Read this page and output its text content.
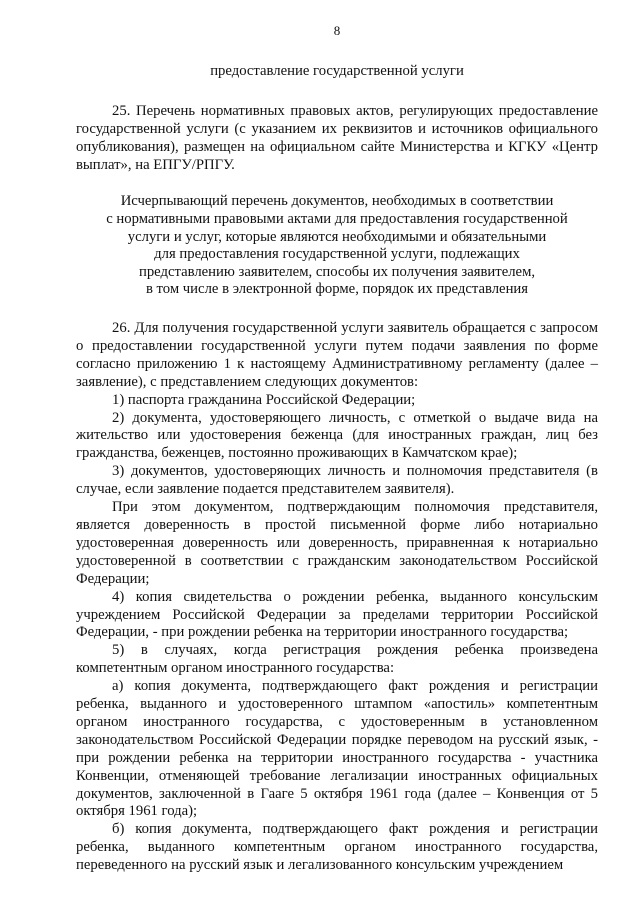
8
предоставление государственной услуги

25. Перечень нормативных правовых актов, регулирующих предоставление государственной услуги (с указанием их реквизитов и источников официального опубликования), размещен на официальном сайте Министерства и КГКУ «Центр выплат», на ЕПГУ/РПГУ.

Исчерпывающий перечень документов, необходимых в соответствии
с нормативными правовыми актами для предоставления государственной
услуги и услуг, которые являются необходимыми и обязательными
для предоставления государственной услуги, подлежащих
представлению заявителем, способы их получения заявителем,
в том числе в электронной форме, порядок их представления

26. Для получения государственной услуги заявитель обращается с запросом о предоставлении государственной услуги путем подачи заявления по форме согласно приложению 1 к настоящему Административному регламенту (далее – заявление), с представлением следующих документов:

1) паспорта гражданина Российской Федерации;

2) документа, удостоверяющего личность, с отметкой о выдаче вида на жительство или удостоверения беженца (для иностранных граждан, лиц без гражданства, беженцев, постоянно проживающих в Камчатском крае);

3) документов, удостоверяющих личность и полномочия представителя (в случае, если заявление подается представителем заявителя).

При этом документом, подтверждающим полномочия представителя, является доверенность в простой письменной форме либо нотариально удостоверенная доверенность или доверенность, приравненная к нотариально удостоверенной в соответствии с гражданским законодательством Российской Федерации;

4) копия свидетельства о рождении ребенка, выданного консульским учреждением Российской Федерации за пределами территории Российской Федерации, - при рождении ребенка на территории иностранного государства;

5) в случаях, когда регистрация рождения ребенка произведена компетентным органом иностранного государства:

а) копия документа, подтверждающего факт рождения и регистрации ребенка, выданного и удостоверенного штампом «апостиль» компетентным органом иностранного государства, с удостоверенным в установленном законодательством Российской Федерации порядке переводом на русский язык, - при рождении ребенка на территории иностранного государства - участника Конвенции, отменяющей требование легализации иностранных официальных документов, заключенной в Гааге 5 октября 1961 года (далее – Конвенция от 5 октября 1961 года);

б) копия документа, подтверждающего факт рождения и регистрации ребенка, выданного компетентным органом иностранного государства, переведенного на русский язык и легализованного консульским учреждением
